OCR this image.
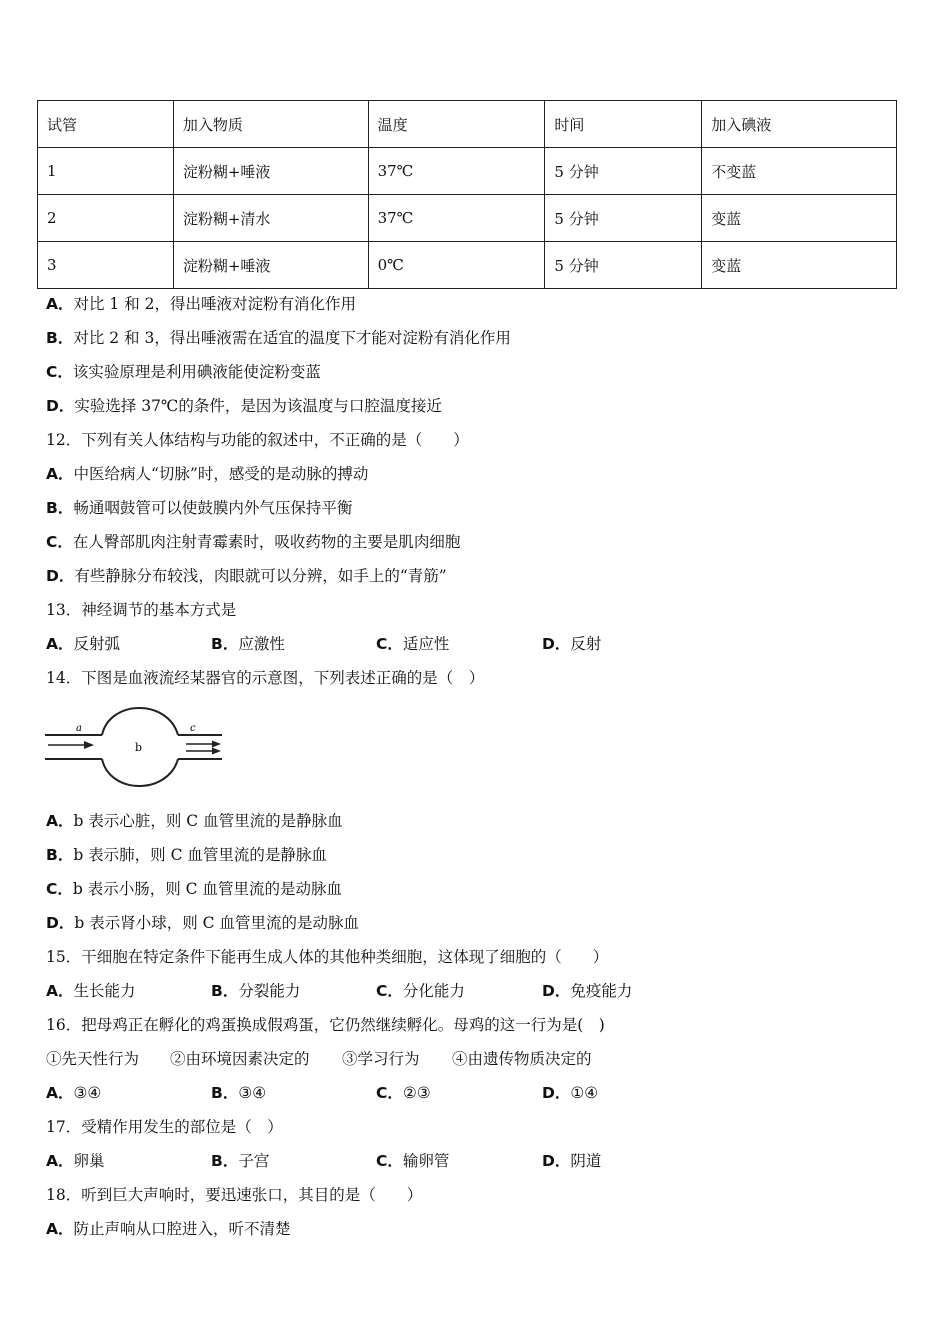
试管	加入物质	温度	时间	加入碘液
1	淀粉糊+唾液	37℃	5 分钟	不变蓝
2	淀粉糊+清水	37℃	5 分钟	变蓝
3	淀粉糊+唾液	0℃	5 分钟	变蓝
A．对比 1 和 2，得出唾液对淀粉有消化作用
B．对比 2 和 3，得出唾液需在适宜的温度下才能对淀粉有消化作用
C．该实验原理是利用碘液能使淀粉变蓝
D．实验选择 37℃的条件，是因为该温度与口腔温度接近
12．下列有关人体结构与功能的叙述中，不正确的是（　　）
A．中医给病人“切脉”时，感受的是动脉的搏动
B．畅通咽鼓管可以使鼓膜内外气压保持平衡
C．在人臀部肌肉注射青霉素时，吸收药物的主要是肌肉细胞
D．有些静脉分布较浅，肉眼就可以分辨，如手上的“青筋”
13．神经调节的基本方式是
A．反射弧	B．应激性	C．适应性	D．反射
14．下图是血液流经某器官的示意图，下列表述正确的是（　）
a
b
c
A．b 表示心脏，则 C 血管里流的是静脉血
B．b 表示肺，则 C 血管里流的是静脉血
C．b 表示小肠，则 C 血管里流的是动脉血
D．b 表示肾小球，则 C 血管里流的是动脉血
15．干细胞在特定条件下能再生成人体的其他种类细胞，这体现了细胞的（　　）
A．生长能力	B．分裂能力	C．分化能力	D．免疫能力
16．把母鸡正在孵化的鸡蛋换成假鸡蛋，它仍然继续孵化。母鸡的这一行为是(　)
①先天性行为 ②由环境因素决定的 ③学习行为 ④由遗传物质决定的
A．③④	B．③④	C．②③	D．①④
17．受精作用发生的部位是（　）
A．卵巢	B．子宫	C．输卵管	D．阴道
18．听到巨大声响时，要迅速张口，其目的是（　　）
A．防止声响从口腔进入，听不清楚
